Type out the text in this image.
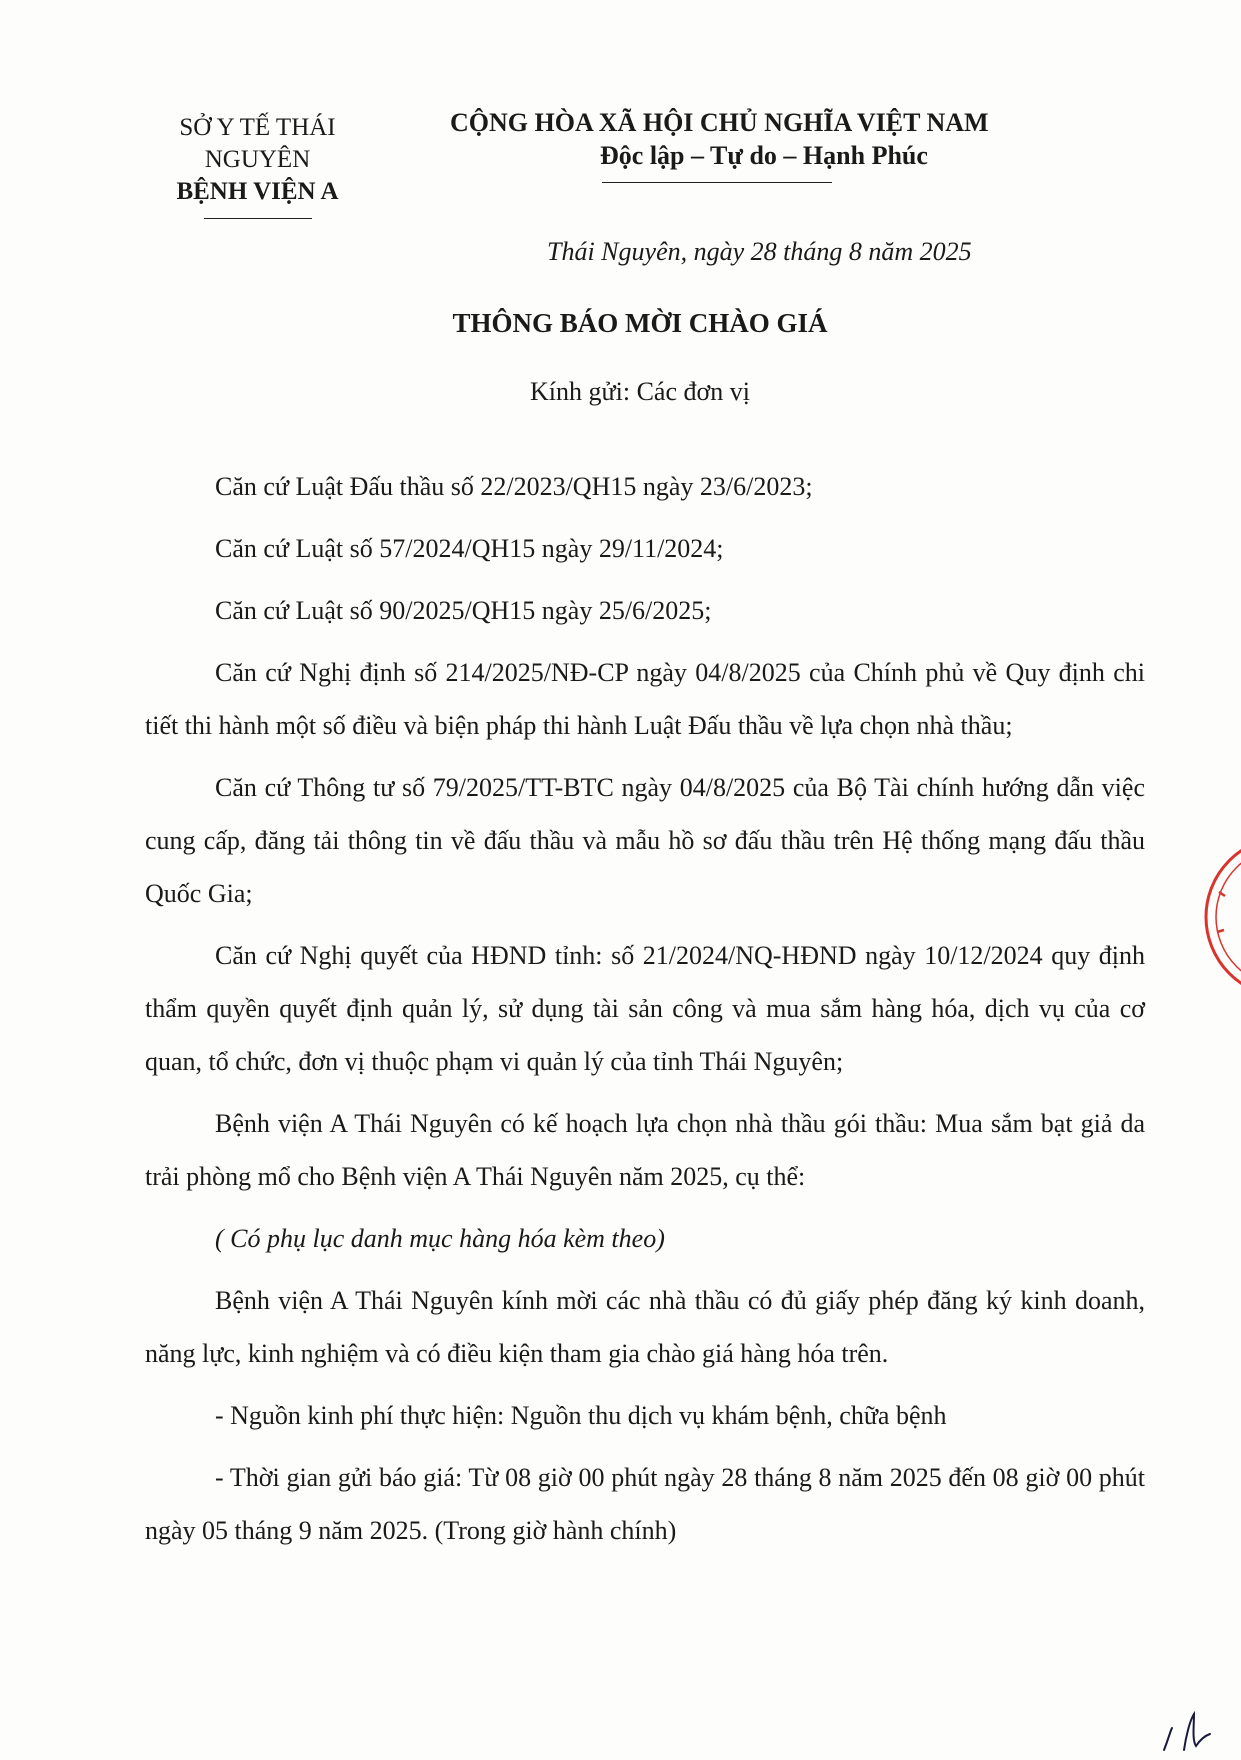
SỞ Y TẾ THÁI NGUYÊN
BỆNH VIỆN A
CỘNG HÒA XÃ HỘI CHỦ NGHĨA VIỆT NAM
Độc lập – Tự do – Hạnh Phúc
Thái Nguyên, ngày 28 tháng 8 năm 2025
THÔNG BÁO MỜI CHÀO GIÁ
Kính gửi: Các đơn vị

Căn cứ Luật Đấu thầu số 22/2023/QH15 ngày 23/6/2023;

Căn cứ Luật số 57/2024/QH15 ngày 29/11/2024;

Căn cứ Luật số 90/2025/QH15 ngày 25/6/2025;

Căn cứ Nghị định số 214/2025/NĐ-CP ngày 04/8/2025 của Chính phủ về Quy định chi tiết thi hành một số điều và biện pháp thi hành Luật Đấu thầu về lựa chọn nhà thầu;

Căn cứ Thông tư số 79/2025/TT-BTC ngày 04/8/2025 của Bộ Tài chính hướng dẫn việc cung cấp, đăng tải thông tin về đấu thầu và mẫu hồ sơ đấu thầu trên Hệ thống mạng đấu thầu Quốc Gia;

Căn cứ Nghị quyết của HĐND tỉnh: số 21/2024/NQ-HĐND ngày 10/12/2024 quy định thẩm quyền quyết định quản lý, sử dụng tài sản công và mua sắm hàng hóa, dịch vụ của cơ quan, tổ chức, đơn vị thuộc phạm vi quản lý của tỉnh Thái Nguyên;

Bệnh viện A Thái Nguyên có kế hoạch lựa chọn nhà thầu gói thầu: Mua sắm bạt giả da trải phòng mổ cho Bệnh viện A Thái Nguyên năm 2025, cụ thể:

( Có phụ lục danh mục hàng hóa kèm theo)

Bệnh viện A Thái Nguyên kính mời các nhà thầu có đủ giấy phép đăng ký kinh doanh, năng lực, kinh nghiệm và có điều kiện tham gia chào giá hàng hóa trên.

- Nguồn kinh phí thực hiện: Nguồn thu dịch vụ khám bệnh, chữa bệnh

- Thời gian gửi báo giá: Từ 08 giờ 00 phút ngày 28 tháng 8 năm 2025 đến 08 giờ 00 phút ngày 05 tháng 9 năm 2025. (Trong giờ hành chính)
